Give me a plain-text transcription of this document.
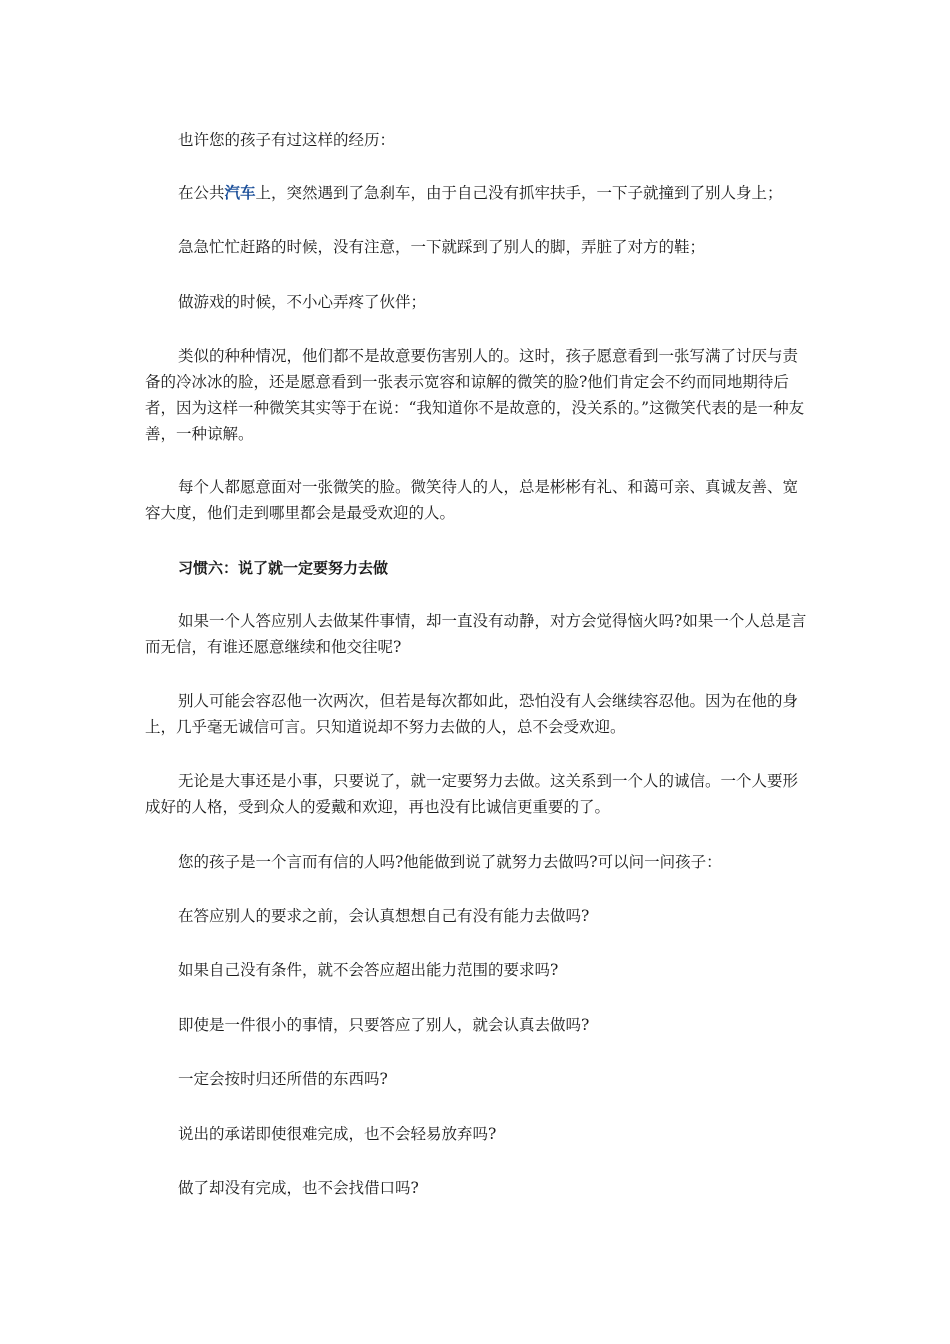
也许您的孩子有过这样的经历：

在公共汽车上，突然遇到了急刹车，由于自己没有抓牢扶手，一下子就撞到了别人身上；

急急忙忙赶路的时候，没有注意，一下就踩到了别人的脚，弄脏了对方的鞋；

做游戏的时候，不小心弄疼了伙伴；

类似的种种情况，他们都不是故意要伤害别人的。这时，孩子愿意看到一张写满了讨厌与责备的冷冰冰的脸，还是愿意看到一张表示宽容和谅解的微笑的脸?他们肯定会不约而同地期待后者，因为这样一种微笑其实等于在说：“我知道你不是故意的，没关系的。”这微笑代表的是一种友善，一种谅解。

每个人都愿意面对一张微笑的脸。微笑待人的人，总是彬彬有礼、和蔼可亲、真诚友善、宽容大度，他们走到哪里都会是最受欢迎的人。

习惯六：说了就一定要努力去做

如果一个人答应别人去做某件事情，却一直没有动静，对方会觉得恼火吗?如果一个人总是言而无信，有谁还愿意继续和他交往呢?

别人可能会容忍他一次两次，但若是每次都如此，恐怕没有人会继续容忍他。因为在他的身上，几乎毫无诚信可言。只知道说却不努力去做的人，总不会受欢迎。

无论是大事还是小事，只要说了，就一定要努力去做。这关系到一个人的诚信。一个人要形成好的人格，受到众人的爱戴和欢迎，再也没有比诚信更重要的了。

您的孩子是一个言而有信的人吗?他能做到说了就努力去做吗?可以问一问孩子：

在答应别人的要求之前，会认真想想自己有没有能力去做吗?

如果自己没有条件，就不会答应超出能力范围的要求吗?

即使是一件很小的事情，只要答应了别人，就会认真去做吗?

一定会按时归还所借的东西吗?

说出的承诺即使很难完成，也不会轻易放弃吗?

做了却没有完成，也不会找借口吗?
